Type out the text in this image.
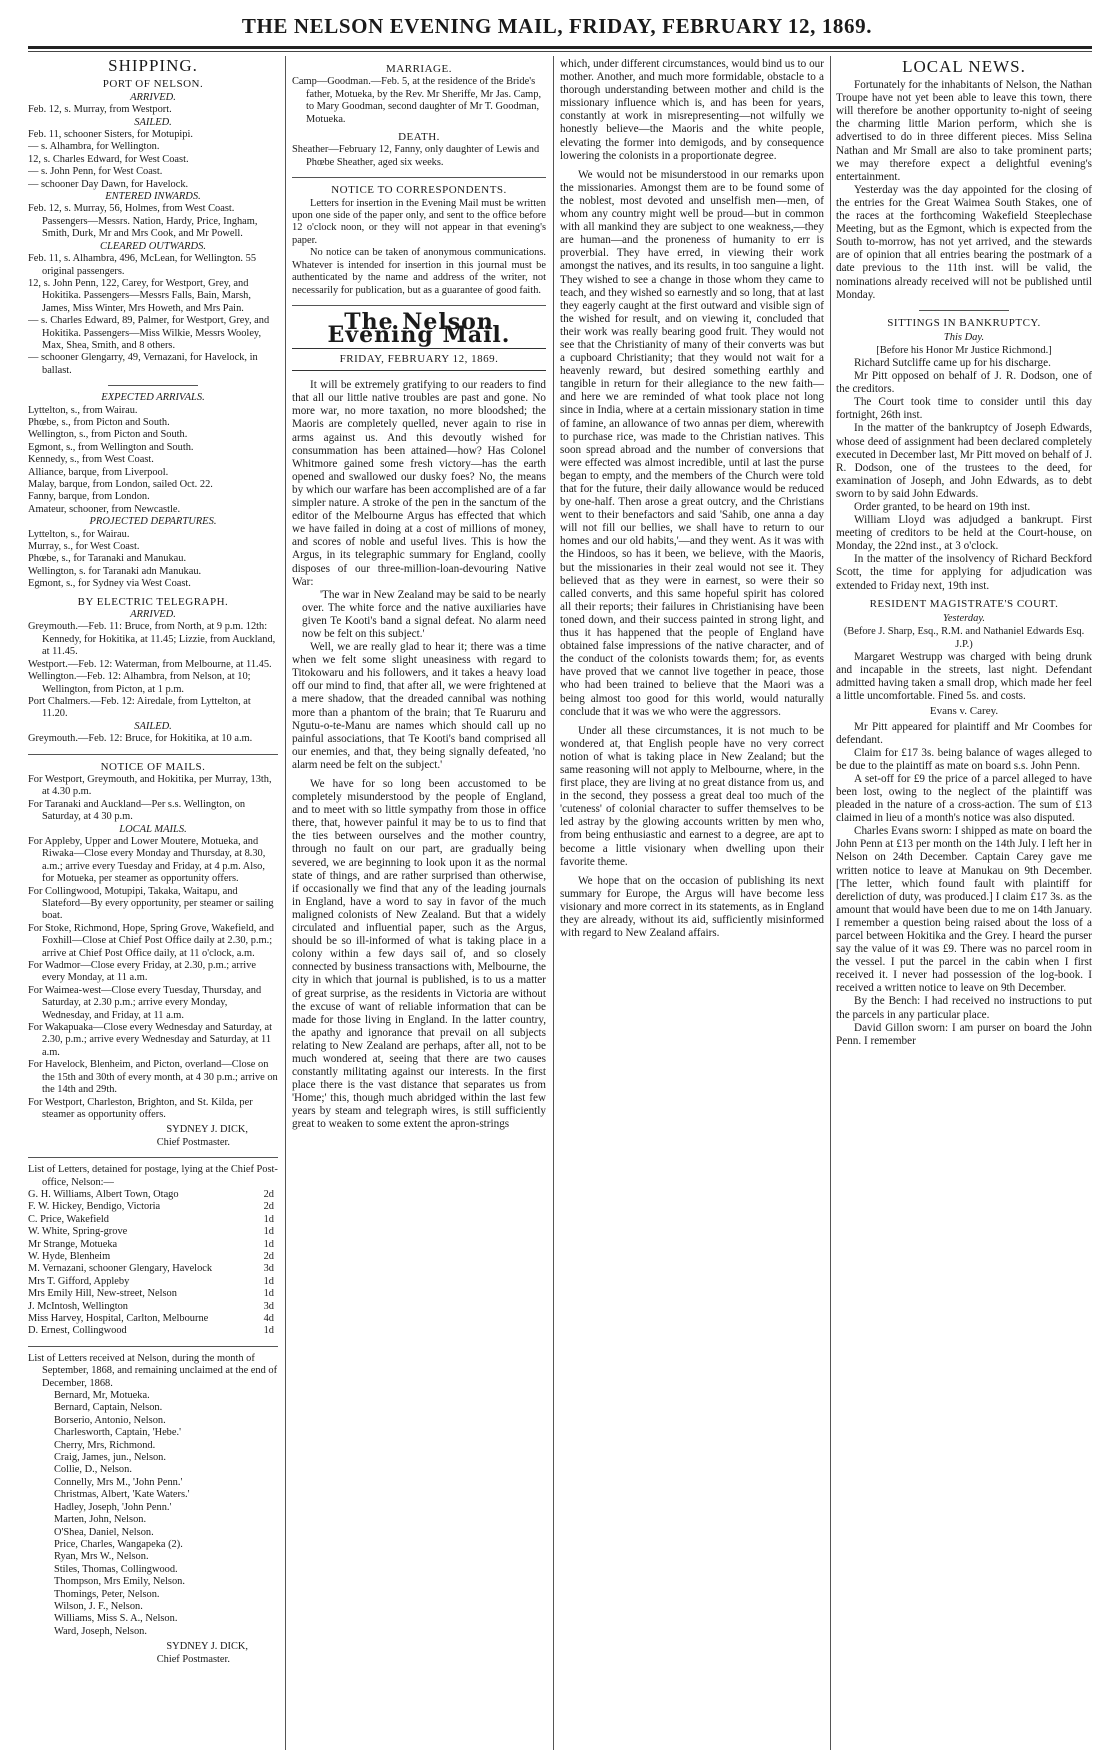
THE NELSON EVENING MAIL, FRIDAY, FEBRUARY 12, 1869.
SHIPPING.
PORT OF NELSON.
ARRIVED.

Feb. 12, s. Murray, from Westport.

SAILED.

Feb. 11, schooner Sisters, for Motupipi.

— s. Alhambra, for Wellington.

12, s. Charles Edward, for West Coast.

— s. John Penn, for West Coast.

— schooner Day Dawn, for Havelock.

ENTERED INWARDS.

Feb. 12, s. Murray, 56, Holmes, from West Coast. Passengers—Messrs. Nation, Hardy, Price, Ingham, Smith, Durk, Mr and Mrs Cook, and Mr Powell.

CLEARED OUTWARDS.

Feb. 11, s. Alhambra, 496, McLean, for Wellington. 55 original passengers.

12, s. John Penn, 122, Carey, for Westport, Grey, and Hokitika. Passengers—Messrs Falls, Bain, Marsh, James, Miss Winter, Mrs Howeth, and Mrs Pain.

— s. Charles Edward, 89, Palmer, for Westport, Grey, and Hokitika. Passengers—Miss Wilkie, Messrs Wooley, Max, Shea, Smith, and 8 others.

— schooner Glengarry, 49, Vernazani, for Havelock, in ballast.

EXPECTED ARRIVALS.

Lyttelton, s., from Wairau.

Phœbe, s., from Picton and South.

Wellington, s., from Picton and South.

Egmont, s., from Wellington and South.

Kennedy, s., from West Coast.

Alliance, barque, from Liverpool.

Malay, barque, from London, sailed Oct. 22.

Fanny, barque, from London.

Amateur, schooner, from Newcastle.

PROJECTED DEPARTURES.

Lyttelton, s., for Wairau.

Murray, s., for West Coast.

Phœbe, s., for Taranaki and Manukau.

Wellington, s. for Taranaki adn Manukau.

Egmont, s., for Sydney via West Coast.

BY ELECTRIC TELEGRAPH.
ARRIVED.

Greymouth.—Feb. 11: Bruce, from North, at 9 p.m. 12th: Kennedy, for Hokitika, at 11.45; Lizzie, from Auckland, at 11.45.

Westport.—Feb. 12: Waterman, from Melbourne, at 11.45.

Wellington.—Feb. 12: Alhambra, from Nelson, at 10; Wellington, from Picton, at 1 p.m.

Port Chalmers.—Feb. 12: Airedale, from Lyttelton, at 11.20.

SAILED.

Greymouth.—Feb. 12: Bruce, for Hokitika, at 10 a.m.

NOTICE OF MAILS.

For Westport, Greymouth, and Hokitika, per Murray, 13th, at 4.30 p.m.

For Taranaki and Auckland—Per s.s. Wellington, on Saturday, at 4 30 p.m.

LOCAL MAILS.

For Appleby, Upper and Lower Moutere, Motueka, and Riwaka—Close every Monday and Thursday, at 8.30, a.m.; arrive every Tuesday and Friday, at 4 p.m. Also, for Motueka, per steamer as opportunity offers.

For Collingwood, Motupipi, Takaka, Waitapu, and Slateford—By every opportunity, per steamer or sailing boat.

For Stoke, Richmond, Hope, Spring Grove, Wakefield, and Foxhill—Close at Chief Post Office daily at 2.30, p.m.; arrive at Chief Post Office daily, at 11 o'clock, a.m.

For Wadmor—Close every Friday, at 2.30, p.m.; arrive every Monday, at 11 a.m.

For Waimea-west—Close every Tuesday, Thursday, and Saturday, at 2.30 p.m.; arrive every Monday, Wednesday, and Friday, at 11 a.m.

For Wakapuaka—Close every Wednesday and Saturday, at 2.30, p.m.; arrive every Wednesday and Saturday, at 11 a.m.

For Havelock, Blenheim, and Picton, overland—Close on the 15th and 30th of every month, at 4 30 p.m.; arrive on the 14th and 29th.

For Westport, Charleston, Brighton, and St. Kilda, per steamer as opportunity offers.

SYDNEY J. DICK,

Chief Postmaster.

List of Letters, detained for postage, lying at the Chief Post-office, Nelson:—

G. H. Williams, Albert Town, Otago	2d
F. W. Hickey, Bendigo, Victoria	2d
C. Price, Wakefield	1d
W. White, Spring-grove	1d
Mr Strange, Motueka	1d
W. Hyde, Blenheim	2d
M. Vernazani, schooner Glengary, Havelock	3d
Mrs T. Gifford, Appleby	1d
Mrs Emily Hill, New-street, Nelson	1d
J. McIntosh, Wellington	3d
Miss Harvey, Hospital, Carlton, Melbourne	4d
D. Ernest, Collingwood	1d

List of Letters received at Nelson, during the month of September, 1868, and remaining unclaimed at the end of December, 1868.

Bernard, Mr, Motueka.

Bernard, Captain, Nelson.

Borserio, Antonio, Nelson.

Charlesworth, Captain, 'Hebe.'

Cherry, Mrs, Richmond.

Craig, James, jun., Nelson.

Collie, D., Nelson.

Connelly, Mrs M., 'John Penn.'

Christmas, Albert, 'Kate Waters.'

Hadley, Joseph, 'John Penn.'

Marten, John, Nelson.

O'Shea, Daniel, Nelson.

Price, Charles, Wangapeka (2).

Ryan, Mrs W., Nelson.

Stiles, Thomas, Collingwood.

Thompson, Mrs Emily, Nelson.

Thomings, Peter, Nelson.

Wilson, J. F., Nelson.

Williams, Miss S. A., Nelson.

Ward, Joseph, Nelson.

SYDNEY J. DICK,

Chief Postmaster.

MARRIAGE.

Camp—Goodman.—Feb. 5, at the residence of the Bride's father, Motueka, by the Rev. Mr Sheriffe, Mr Jas. Camp, to Mary Goodman, second daughter of Mr T. Goodman, Motueka.

DEATH.

Sheather—February 12, Fanny, only daughter of Lewis and Phœbe Sheather, aged six weeks.

NOTICE TO CORRESPONDENTS.

Letters for insertion in the Evening Mail must be written upon one side of the paper only, and sent to the office before 12 o'clock noon, or they will not appear in that evening's paper.

No notice can be taken of anonymous communications. Whatever is intended for insertion in this journal must be authenticated by the name and address of the writer, not necessarily for publication, but as a guarantee of good faith.

The Nelson Evening Mail.
FRIDAY, FEBRUARY 12, 1869.

It will be extremely gratifying to our readers to find that all our little native troubles are past and gone. No more war, no more taxation, no more bloodshed; the Maoris are completely quelled, never again to rise in arms against us. And this devoutly wished for consummation has been attained—how? Has Colonel Whitmore gained some fresh victory—has the earth opened and swallowed our dusky foes? No, the means by which our warfare has been accomplished are of a far simpler nature. A stroke of the pen in the sanctum of the editor of the Melbourne Argus has effected that which we have failed in doing at a cost of millions of money, and scores of noble and useful lives. This is how the Argus, in its telegraphic summary for England, coolly disposes of our three-million-loan-devouring Native War:

'The war in New Zealand may be said to be nearly over. The white force and the native auxiliaries have given Te Kooti's band a signal defeat. No alarm need now be felt on this subject.'

Well, we are really glad to hear it; there was a time when we felt some slight uneasiness with regard to Titokowaru and his followers, and it takes a heavy load off our mind to find, that after all, we were frightened at a mere shadow, that the dreaded cannibal was nothing more than a phantom of the brain; that Te Ruaruru and Ngutu-o-te-Manu are names which should call up no painful associations, that Te Kooti's band comprised all our enemies, and that, they being signally defeated, 'no alarm need be felt on the subject.'

We have for so long been accustomed to be completely misunderstood by the people of England, and to meet with so little sympathy from those in office there, that, however painful it may be to us to find that the ties between ourselves and the mother country, through no fault on our part, are gradually being severed, we are beginning to look upon it as the normal state of things, and are rather surprised than otherwise, if occasionally we find that any of the leading journals in England, have a word to say in favor of the much maligned colonists of New Zealand. But that a widely circulated and influential paper, such as the Argus, should be so ill-informed of what is taking place in a colony within a few days sail of, and so closely connected by business transactions with, Melbourne, the city in which that journal is published, is to us a matter of great surprise, as the residents in Victoria are without the excuse of want of reliable information that can be made for those living in England. In the latter country, the apathy and ignorance that prevail on all subjects relating to New Zealand are perhaps, after all, not to be much wondered at, seeing that there are two causes constantly militating against our interests. In the first place there is the vast distance that separates us from 'Home;' this, though much abridged within the last few years by steam and telegraph wires, is still sufficiently great to weaken to some extent the apron-strings

which, under different circumstances, would bind us to our mother. Another, and much more formidable, obstacle to a thorough understanding between mother and child is the missionary influence which is, and has been for years, constantly at work in misrepresenting—not wilfully we honestly believe—the Maoris and the white people, elevating the former into demigods, and by consequence lowering the colonists in a proportionate degree.

We would not be misunderstood in our remarks upon the missionaries. Amongst them are to be found some of the noblest, most devoted and unselfish men—men, of whom any country might well be proud—but in common with all mankind they are subject to one weakness,—they are human—and the proneness of humanity to err is proverbial. They have erred, in viewing their work amongst the natives, and its results, in too sanguine a light. They wished to see a change in those whom they came to teach, and they wished so earnestly and so long, that at last they eagerly caught at the first outward and visible sign of the wished for result, and on viewing it, concluded that their work was really bearing good fruit. They would not see that the Christianity of many of their converts was but a cupboard Christianity; that they would not wait for a heavenly reward, but desired something earthly and tangible in return for their allegiance to the new faith—and here we are reminded of what took place not long since in India, where at a certain missionary station in time of famine, an allowance of two annas per diem, wherewith to purchase rice, was made to the Christian natives. This soon spread abroad and the number of conversions that were effected was almost incredible, until at last the purse began to empty, and the members of the Church were told that for the future, their daily allowance would be reduced by one-half. Then arose a great outcry, and the Christians went to their benefactors and said 'Sahib, one anna a day will not fill our bellies, we shall have to return to our homes and our old habits,'—and they went. As it was with the Hindoos, so has it been, we believe, with the Maoris, but the missionaries in their zeal would not see it. They believed that as they were in earnest, so were their so called converts, and this same hopeful spirit has colored all their reports; their failures in Christianising have been toned down, and their success painted in strong light, and thus it has happened that the people of England have obtained false impressions of the native character, and of the conduct of the colonists towards them; for, as events have proved that we cannot live together in peace, those who had been trained to believe that the Maori was a being almost too good for this world, would naturally conclude that it was we who were the aggressors.

Under all these circumstances, it is not much to be wondered at, that English people have no very correct notion of what is taking place in New Zealand; but the same reasoning will not apply to Melbourne, where, in the first place, they are living at no great distance from us, and in the second, they possess a great deal too much of the 'cuteness' of colonial character to suffer themselves to be led astray by the glowing accounts written by men who, from being enthusiastic and earnest to a degree, are apt to become a little visionary when dwelling upon their favorite theme.

We hope that on the occasion of publishing its next summary for Europe, the Argus will have become less visionary and more correct in its statements, as in England they are already, without its aid, sufficiently misinformed with regard to New Zealand affairs.

LOCAL NEWS.

Fortunately for the inhabitants of Nelson, the Nathan Troupe have not yet been able to leave this town, there will therefore be another opportunity to-night of seeing the charming little Marion perform, which she is advertised to do in three different pieces. Miss Selina Nathan and Mr Small are also to take prominent parts; we may therefore expect a delightful evening's entertainment.

Yesterday was the day appointed for the closing of the entries for the Great Waimea South Stakes, one of the races at the forthcoming Wakefield Steeplechase Meeting, but as the Egmont, which is expected from the South to-morrow, has not yet arrived, and the stewards are of opinion that all entries bearing the postmark of a date previous to the 11th inst. will be valid, the nominations already received will not be published until Monday.

SITTINGS IN BANKRUPTCY.
This Day.
[Before his Honor Mr Justice Richmond.]

Richard Sutcliffe came up for his discharge.

Mr Pitt opposed on behalf of J. R. Dodson, one of the creditors.

The Court took time to consider until this day fortnight, 26th inst.

In the matter of the bankruptcy of Joseph Edwards, whose deed of assignment had been declared completely executed in December last, Mr Pitt moved on behalf of J. R. Dodson, one of the trustees to the deed, for examination of Joseph, and John Edwards, as to debt sworn to by said John Edwards.

Order granted, to be heard on 19th inst.

William Lloyd was adjudged a bankrupt. First meeting of creditors to be held at the Court-house, on Monday, the 22nd inst., at 3 o'clock.

In the matter of the insolvency of Richard Beckford Scott, the time for applying for adjudication was extended to Friday next, 19th inst.

RESIDENT MAGISTRATE'S COURT.
Yesterday.
(Before J. Sharp, Esq., R.M. and Nathaniel Edwards Esq. J.P.)

Margaret Westrupp was charged with being drunk and incapable in the streets, last night. Defendant admitted having taken a small drop, which made her feel a little uncomfortable. Fined 5s. and costs.

Evans v. Carey.

Mr Pitt appeared for plaintiff and Mr Coombes for defendant.

Claim for £17 3s. being balance of wages alleged to be due to the plaintiff as mate on board s.s. John Penn.

A set-off for £9 the price of a parcel alleged to have been lost, owing to the neglect of the plaintiff was pleaded in the nature of a cross-action. The sum of £13 claimed in lieu of a month's notice was also disputed.

Charles Evans sworn: I shipped as mate on board the John Penn at £13 per month on the 14th July. I left her in Nelson on 24th December. Captain Carey gave me written notice to leave at Manukau on 9th December. [The letter, which found fault with plaintiff for dereliction of duty, was produced.] I claim £17 3s. as the amount that would have been due to me on 14th January. I remember a question being raised about the loss of a parcel between Hokitika and the Grey. I heard the purser say the value of it was £9. There was no parcel room in the vessel. I put the parcel in the cabin when I first received it. I never had possession of the log-book. I received a written notice to leave on 9th December.

By the Bench: I had received no instructions to put the parcels in any particular place.

David Gillon sworn: I am purser on board the John Penn. I remember
